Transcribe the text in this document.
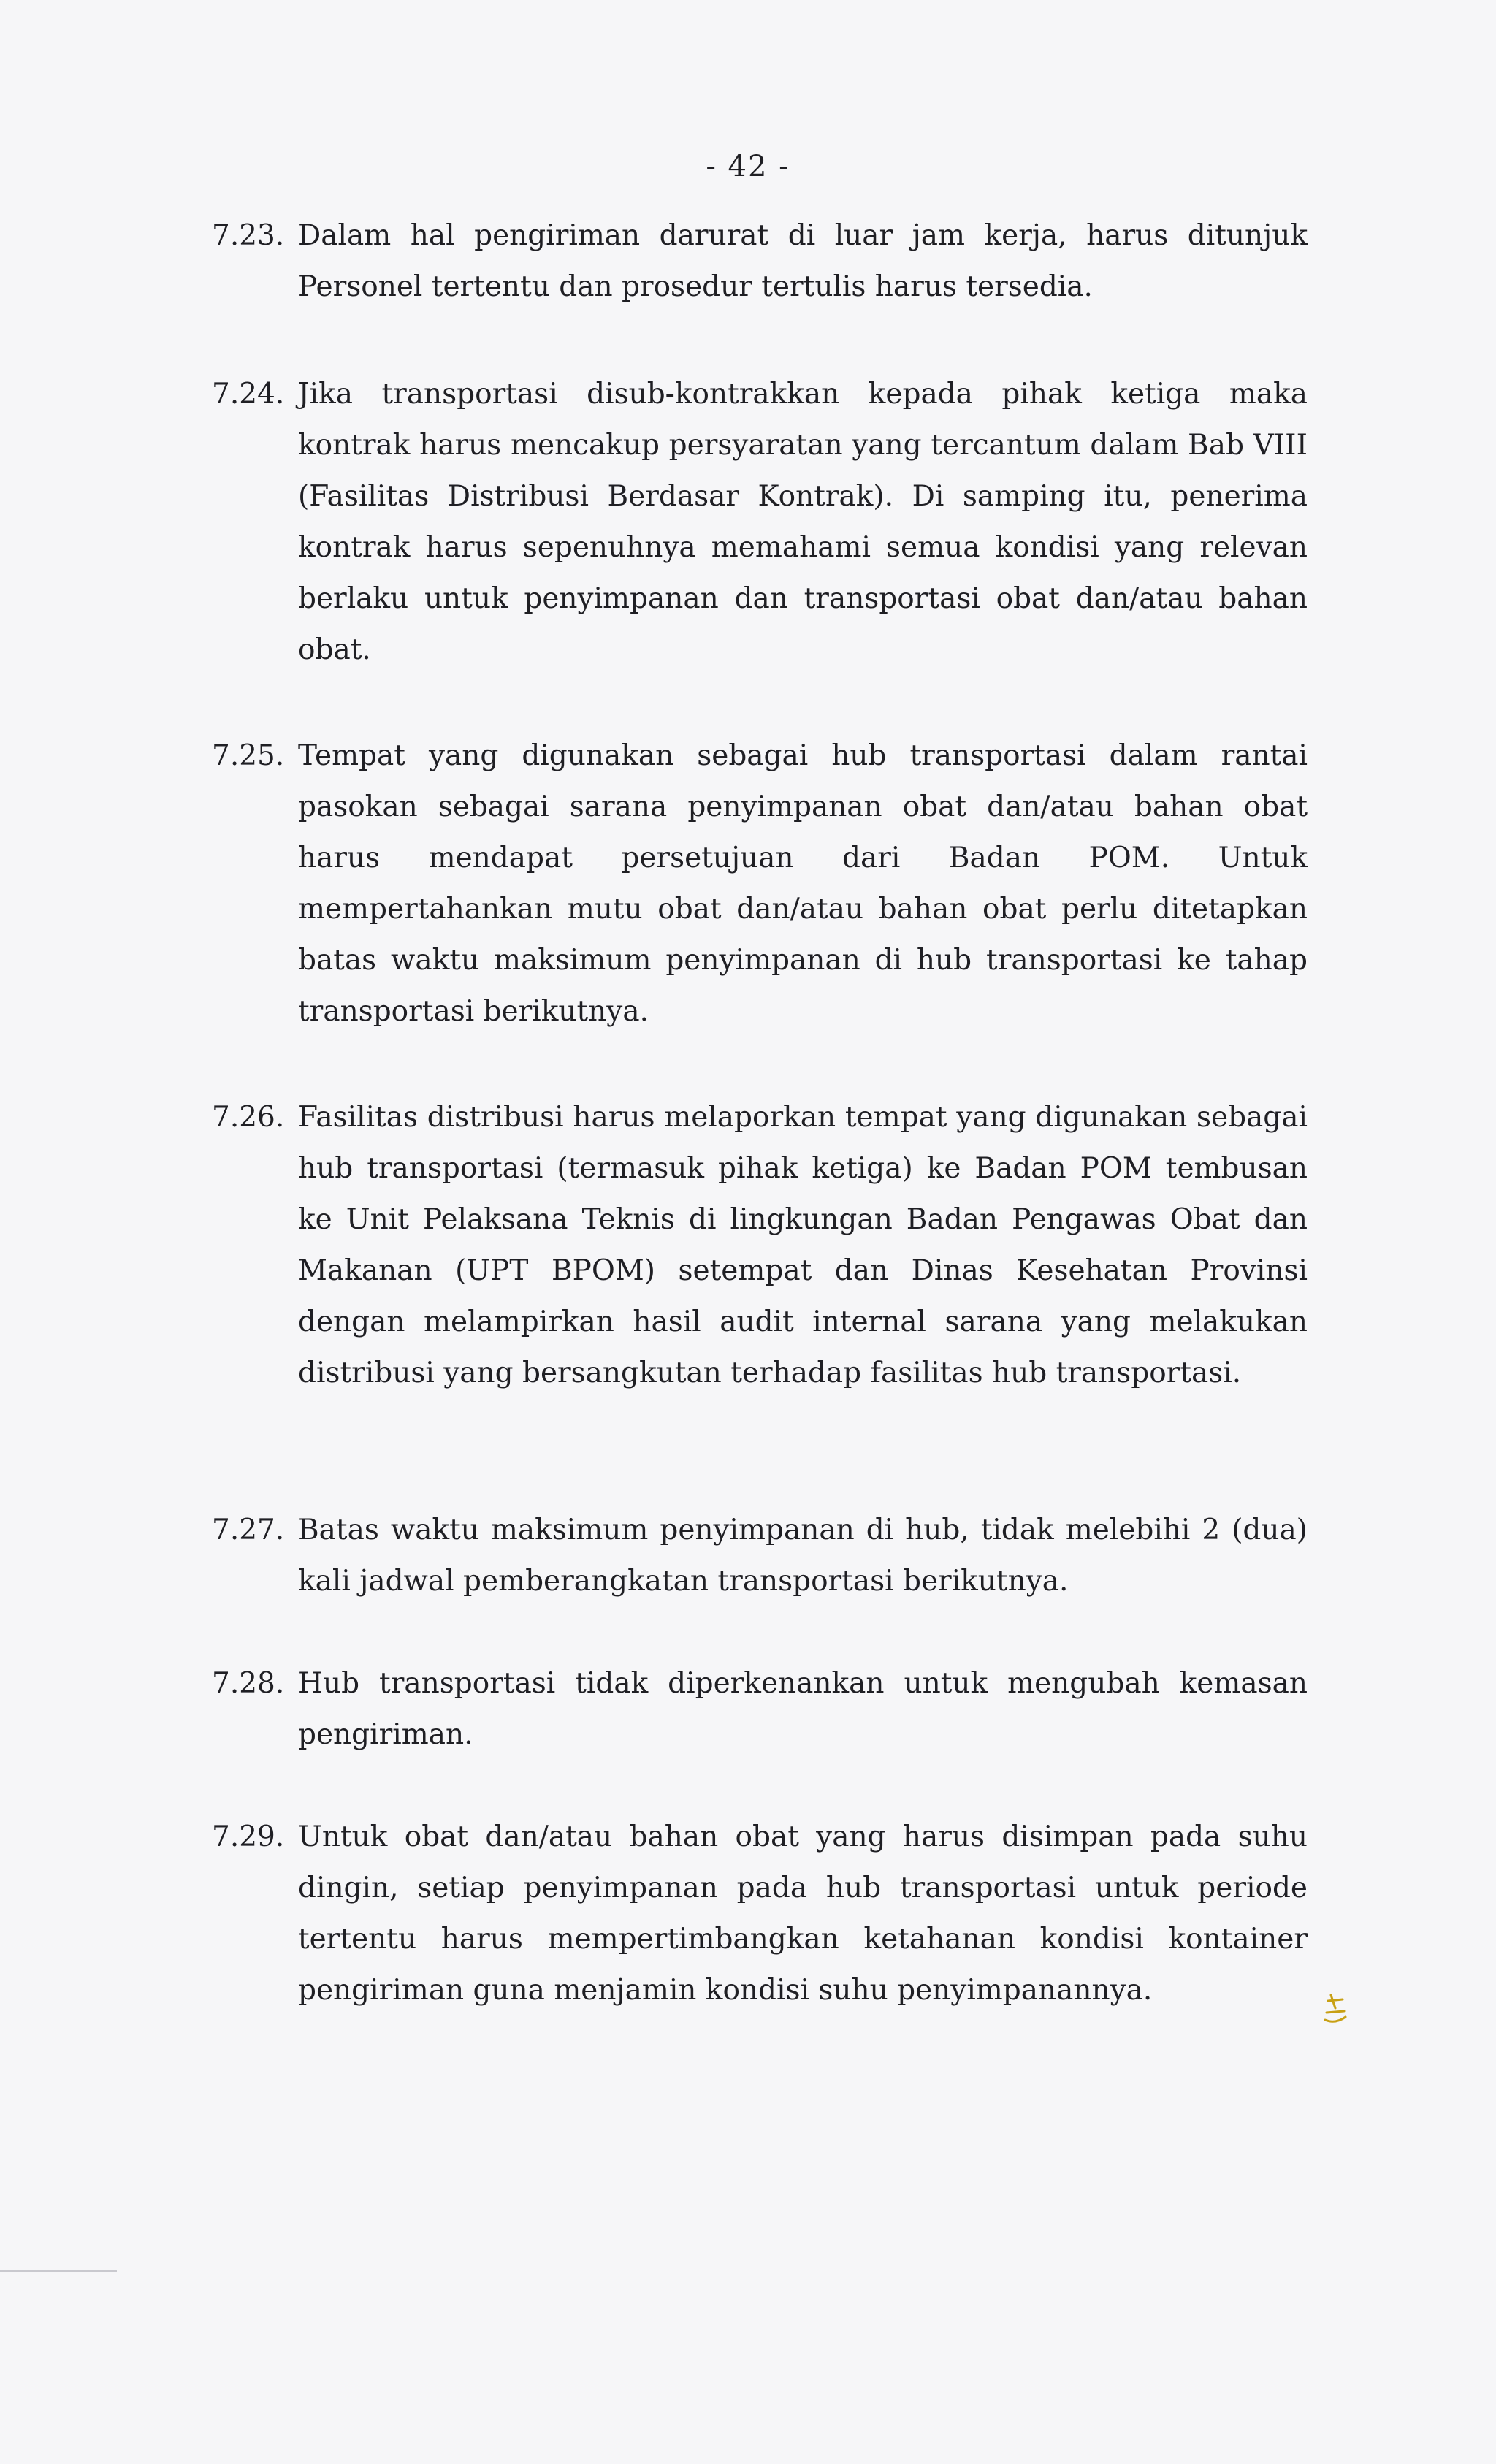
- 42 -
7.23. Dalam hal pengiriman darurat di luar jam kerja, harus ditunjuk Personel tertentu dan prosedur tertulis harus tersedia.
7.24. Jika transportasi disub-kontrakkan kepada pihak ketiga maka kontrak harus mencakup persyaratan yang tercantum dalam Bab VIII (Fasilitas Distribusi Berdasar Kontrak). Di samping itu, penerima kontrak harus sepenuhnya memahami semua kondisi yang relevan berlaku untuk penyimpanan dan transportasi obat dan/atau bahan obat.
7.25. Tempat yang digunakan sebagai hub transportasi dalam rantai pasokan sebagai sarana penyimpanan obat dan/atau bahan obat harus mendapat persetujuan dari Badan POM. Untuk mempertahankan mutu obat dan/atau bahan obat perlu ditetapkan batas waktu maksimum penyimpanan di hub transportasi ke tahap transportasi berikutnya.
7.26. Fasilitas distribusi harus melaporkan tempat yang digunakan sebagai hub transportasi (termasuk pihak ketiga) ke Badan POM tembusan ke Unit Pelaksana Teknis di lingkungan Badan Pengawas Obat dan Makanan (UPT BPOM) setempat dan Dinas Kesehatan Provinsi dengan melampirkan hasil audit internal sarana yang melakukan distribusi yang bersangkutan terhadap fasilitas hub transportasi.
7.27. Batas waktu maksimum penyimpanan di hub, tidak melebihi 2 (dua) kali jadwal pemberangkatan transportasi berikutnya.
7.28. Hub transportasi tidak diperkenankan untuk mengubah kemasan pengiriman.
7.29. Untuk obat dan/atau bahan obat yang harus disimpan pada suhu dingin, setiap penyimpanan pada hub transportasi untuk periode tertentu harus mempertimbangkan ketahanan kondisi kontainer pengiriman guna menjamin kondisi suhu penyimpanannya.
